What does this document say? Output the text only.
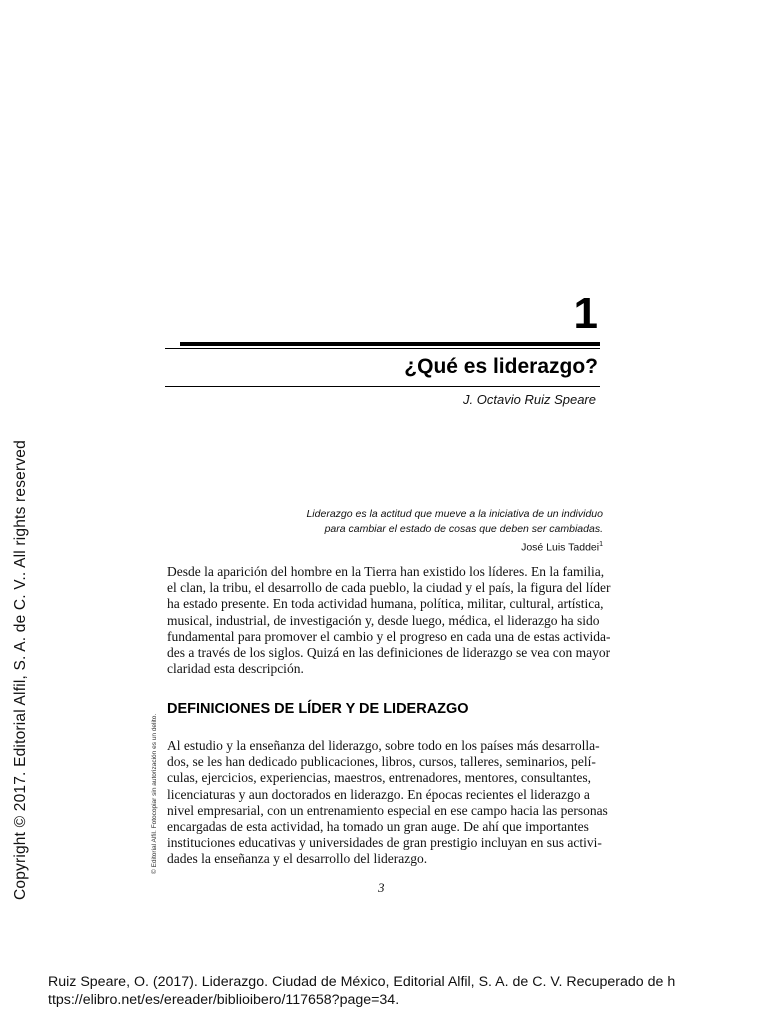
1
¿Qué es liderazgo?
J. Octavio Ruiz Speare
Liderazgo es la actitud que mueve a la iniciativa de un individuo
para cambiar el estado de cosas que deben ser cambiadas.
José Luis Taddei$^1$
Desde la aparición del hombre en la Tierra han existido los líderes. En la familia,
el clan, la tribu, el desarrollo de cada pueblo, la ciudad y el país, la figura del líder
ha estado presente. En toda actividad humana, política, militar, cultural, artística,
musical, industrial, de investigación y, desde luego, médica, el liderazgo ha sido
fundamental para promover el cambio y el progreso en cada una de estas activida-
des a través de los siglos. Quizá en las definiciones de liderazgo se vea con mayor
claridad esta descripción.
DEFINICIONES DE LÍDER Y DE LIDERAZGO
Al estudio y la enseñanza del liderazgo, sobre todo en los países más desarrolla-
dos, se les han dedicado publicaciones, libros, cursos, talleres, seminarios, pelí-
culas, ejercicios, experiencias, maestros, entrenadores, mentores, consultantes,
licenciaturas y aun doctorados en liderazgo. En épocas recientes el liderazgo a
nivel empresarial, con un entrenamiento especial en ese campo hacia las personas
encargadas de esta actividad, ha tomado un gran auge. De ahí que importantes
instituciones educativas y universidades de gran prestigio incluyan en sus activi-
dades la enseñanza y el desarrollo del liderazgo.
3
© Editorial Alfil. Fotocopiar sin autorización es un delito.
Copyright © 2017. Editorial Alfil, S. A. de C. V.. All rights reserved
Ruiz Speare, O. (2017). Liderazgo. Ciudad de México, Editorial Alfil, S. A. de C. V. Recuperado de h
ttps://elibro.net/es/ereader/biblioibero/117658?page=34.
